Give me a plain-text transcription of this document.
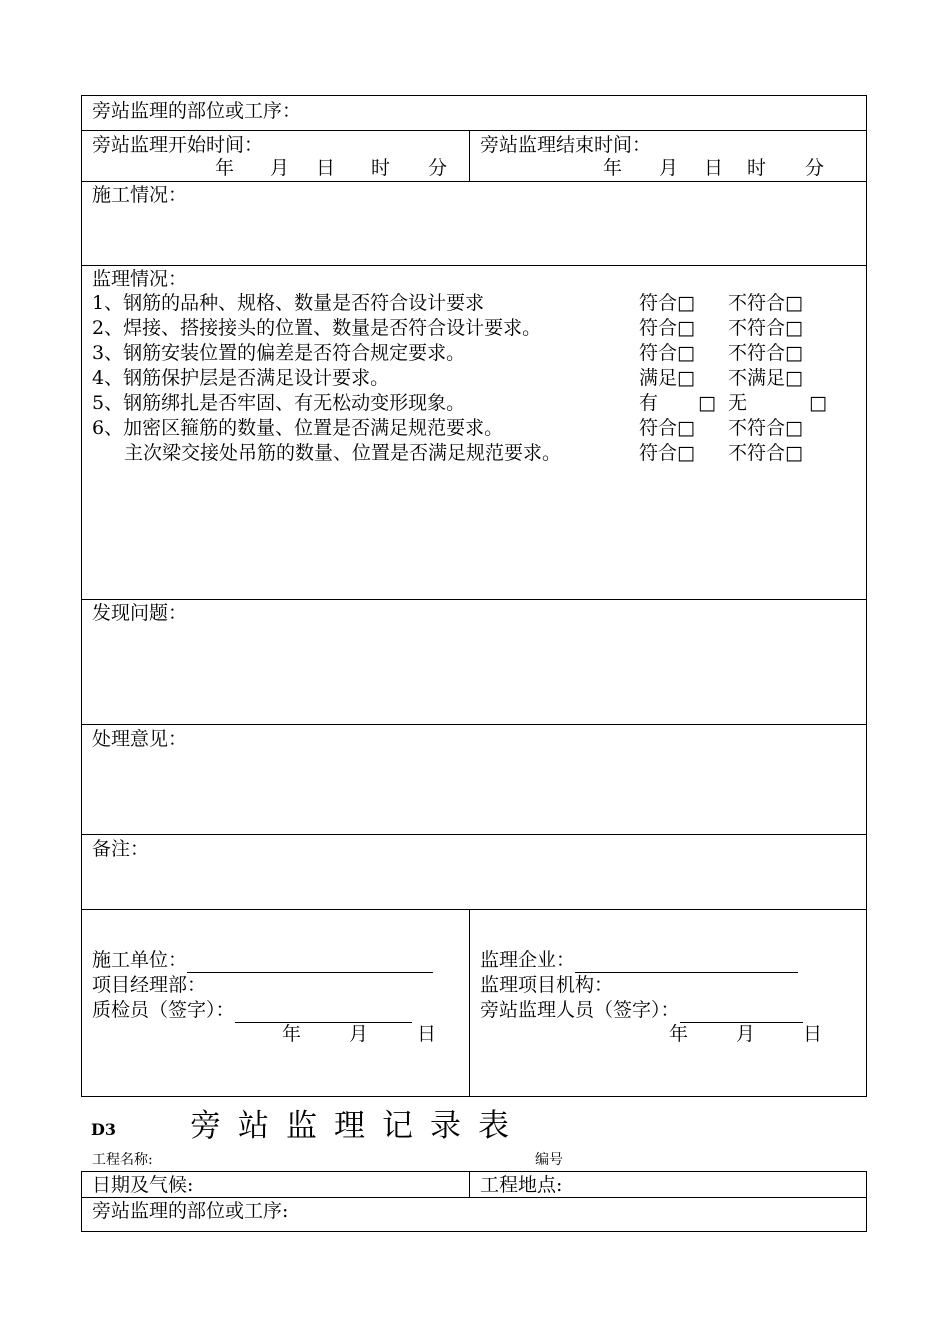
旁站监理的部位或工序：
旁站监理开始时间：
年 月 日 时 分
旁站监理结束时间：
年 月 日 时 分
施工情况：
监理情况：
1、钢筋的品种、规格、数量是否符合设计要求	符合□ 不符合□
2、焊接、搭接接头的位置、数量是否符合设计要求。	符合□ 不符合□
3、钢筋安装位置的偏差是否符合规定要求。	符合□ 不符合□
4、钢筋保护层是否满足设计要求。	满足□ 不满足□
5、钢筋绑扎是否牢固、有无松动变形现象。	有 □ 无 □
6、加密区箍筋的数量、位置是否满足规范要求。	符合□ 不符合□
主次梁交接处吊筋的数量、位置是否满足规范要求。	符合□ 不符合□
发现问题：
处理意见：
备注：
施工单位：
项目经理部：
质检员（签字）：
年	月	日
监理企业：
监理项目机构：
旁站监理人员（签字）：
年	月	日
D3 旁站监理记录表
工程名称:	编号
日期及气候:	工程地点:
旁站监理的部位或工序:
